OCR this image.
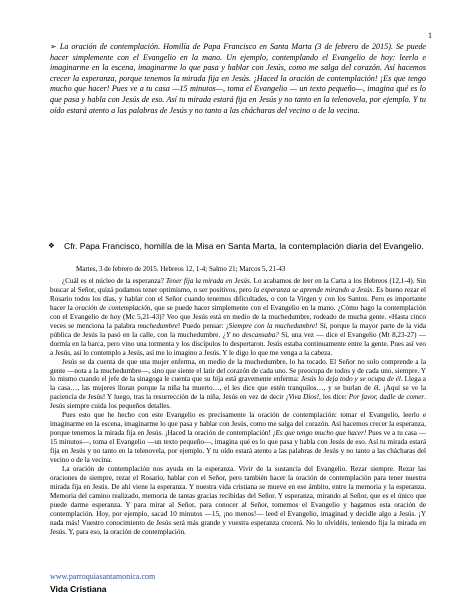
1
➢ La oración de contemplación. Homilía de Papa Francisco en Santa Marta (3 de febrero de 2015). Se puede hacer simplemente con el Evangelio en la mano. Un ejemplo, contemplando el Evangelio de hoy: leerlo e imaginarme en la escena, imaginarme lo que pasa y hablar con Jesús, como me salga del corazón. Así hacemos crecer la esperanza, porque tenemos la mirada fija en Jesús. ¡Haced la oración de contemplación! ¡Es que tengo mucho que hacer! Pues ve a tu casa —15 minutos—, toma el Evangelio — un texto pequeño—, imagina qué es lo que pasa y habla con Jesús de eso. Así tu mirada estará fija en Jesús y no tanto en la telenovela, por ejemplo. Y tu oído estará atento a las palabras de Jesús y no tanto a las chácharas del vecino o de la vecina.
❖ Cfr. Papa Francisco, homilía de la Misa en Santa Marta, la contemplación diaria del Evangelio.
Martes, 3 de febrero de 2015. Hebreos 12, 1-4; Salmo 21; Marcos 5, 21-43

¿Cuál es el núcleo de la esperanza? Tener fija la mirada en Jesús. Lo acabamos de leer en la Carta a los Hebreos (12,1-4). Sin buscar al Señor, quizá podamos tener optimismo, o ser positivos, pero la esperanza se aprende mirando a Jesús. Es bueno rezar el Rosario todos los días, y hablar con el Señor cuando tenemos dificultades, o con la Virgen y con los Santos. Pero es importante hacer la oración de contemplación, que se puede hacer simplemente con el Evangelio en la mano. ¿Cómo hago la contemplación con el Evangelio de hoy (Mc 5,21-43)? Veo que Jesús está en medio de la muchedumbre, rodeado de mucha gente. «Hasta cinco veces se menciona la palabra muchedumbre! Puedo pensar: ¡Siempre con la muchedumbre! Sí, porque la mayor parte de la vida pública de Jesús la pasó en la calle, con la muchedumbre. ¿Y no descansaba? Sí, una vez — dice el Evangelio (Mt 8,23-27) — dormía en la barca, pero vino una tormenta y los discípulos lo despertaron. Jesús estaba continuamente entre la gente. Pues así veo a Jesús, así lo contemplo a Jesús, así me lo imagino a Jesús. Y le digo lo que me venga a la cabeza.

Jesús se da cuenta de que una mujer enferma, en medio de la muchedumbre, lo ha tocado. El Señor no solo comprende a la gente —nota a la muchedumbre—, sino que siente el latir del corazón de cada uno. Se preocupa de todos y de cada uno, siempre. Y lo mismo cuando el jefe de la sinagoga le cuenta que su hija está gravemente enferma: Jesús lo deja todo y se ocupa de él. Llega a la casa…, las mujeres lloran porque la niña ha muerto…, el les dice que estén tranquilos…, y se burlan de él. ¡Aquí se ve la paciencia de Jesús! Y luego, tras la resurrección de la niña, Jesús en vez de decir ¡Viva Dios!, les dice: Por favor, dadle de comer. Jesús siempre cuida los pequeños detalles.

Pues esto que he hecho con este Evangelio es precisamente la oración de contemplación: tomar el Evangelio, leerlo e imaginarme en la escena, imaginarme lo que pasa y hablar con Jesús, como me salga del corazón. Así hacemos crecer la esperanza, porque tenemos la mirada fija en Jesús. ¡Haced la oración de contemplación! ¡Es que tengo mucho que hacer! Pues ve a tu casa —15 minutos—, toma el Evangelio —un texto pequeño—, imagina qué es lo que pasa y habla con Jesús de eso. Así tu mirada estará fija en Jesús y no tanto en la telenovela, por ejemplo. Y tu oído estará atento a las palabras de Jesús y no tanto a las chácharas del vecino o de la vecina.

La oración de contemplación nos ayuda en la esperanza. Vivir de la sustancia del Evangelio. Rezar siempre. Rezar las oraciones de siempre, rezar el Rosario, hablar con el Señor, pero también hacer la oración de contemplación para tener nuestra mirada fija en Jesús. De ahí viene la esperanza. Y nuestra vida cristiana se mueve en ese ámbito, entre la memoria y la esperanza. Memoria del camino realizado, memoria de tantas gracias recibidas del Señor. Y esperanza, mirando al Señor, que es el único que puede darme esperanza. Y para mirar al Señor, para conocer al Señor, tomemos el Evangelio y hagamos esta oración de contemplación. Hoy, por ejemplo, sacad 10 minutos —15, ¡no menos!— leed el Evangelio, imaginad y decidle algo a Jesús. ¡Y nada más! Vuestro conocimiento de Jesús será más grande y vuestra esperanza crecerá. No lo olvidéis, teniendo fija la mirada en Jesús. Y, para eso, la oración de contemplación.

www.parroquiasantamonica.com
Vida Cristiana
